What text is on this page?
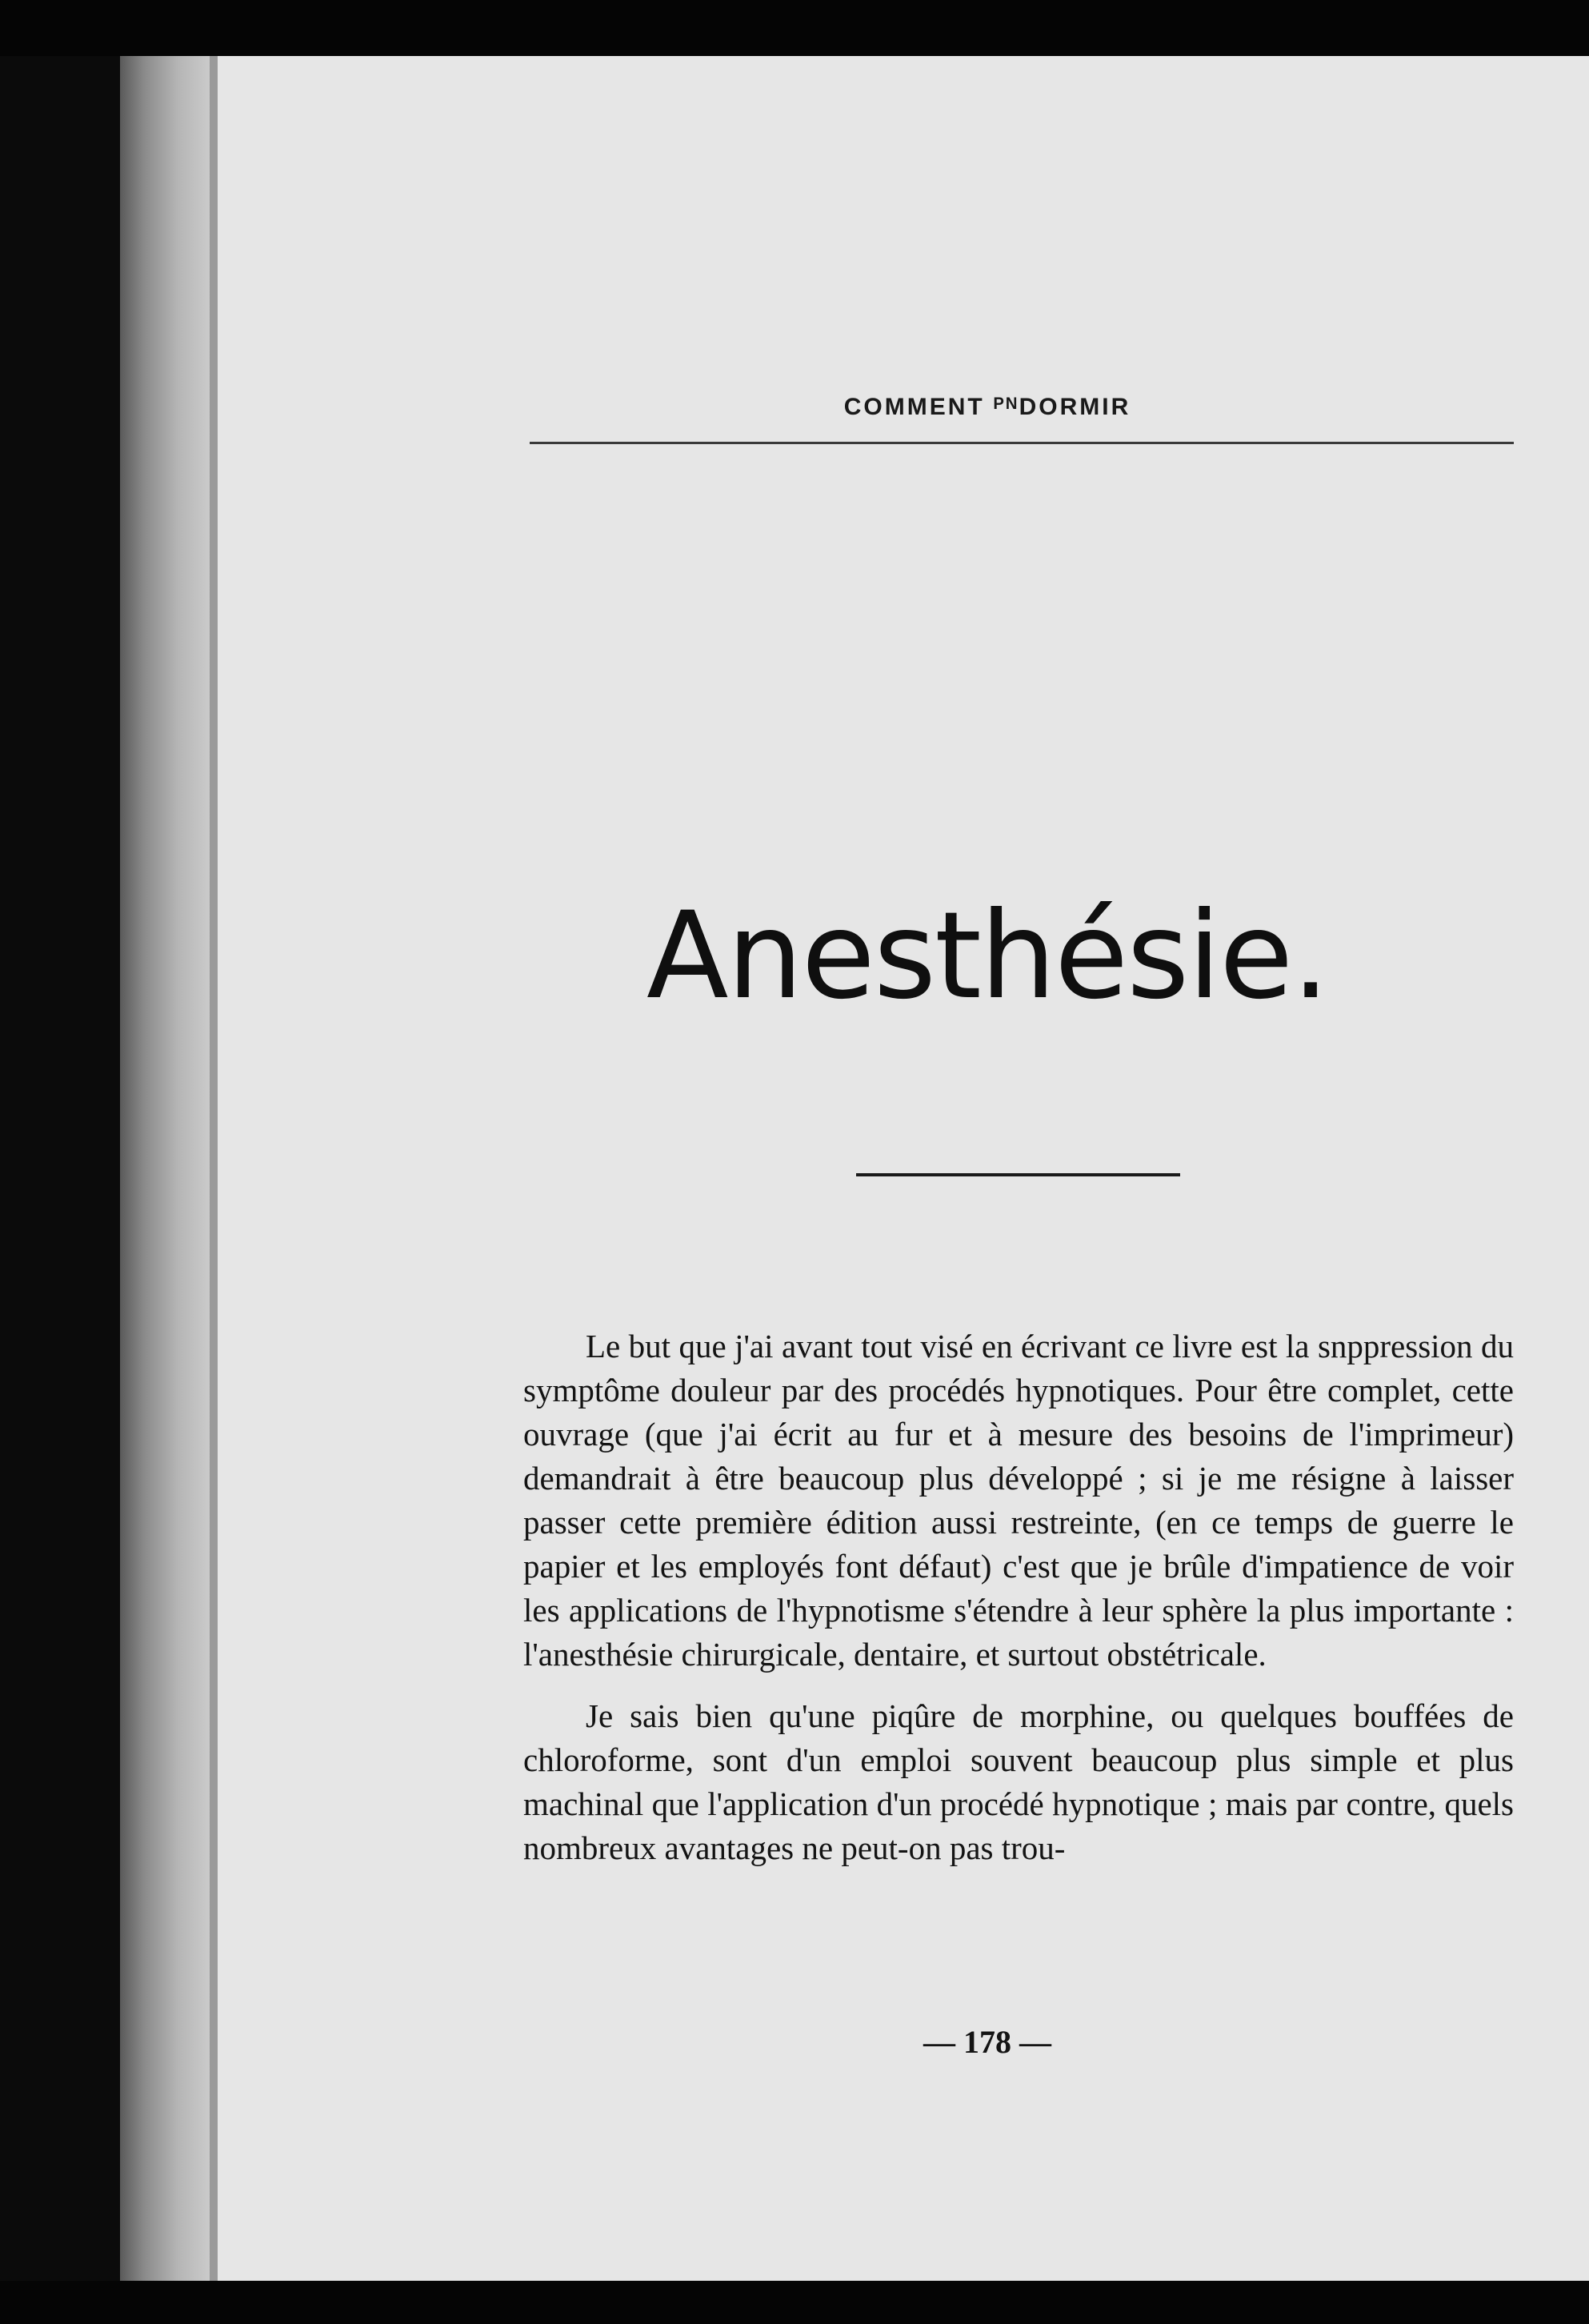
COMMENT ᴾᴺDORMIR
Anesthésie.

Le but que j'ai avant tout visé en écrivant ce livre est la snppression du symptôme douleur par des procédés hypnotiques. Pour être complet, cette ouvrage (que j'ai écrit au fur et à mesure des besoins de l'imprimeur) demandrait à être beaucoup plus développé ; si je me résigne à laisser passer cette première édition aussi restreinte, (en ce temps de guerre le papier et les employés font défaut) c'est que je brûle d'impatience de voir les applications de l'hypnotisme s'étendre à leur sphère la plus importante : l'anesthésie chirurgicale, dentaire, et surtout obstétricale.

Je sais bien qu'une piqûre de morphine, ou quelques bouffées de chloroforme, sont d'un emploi souvent beaucoup plus simple et plus machinal que l'application d'un procédé hypnotique ; mais par contre, quels nombreux avantages ne peut-on pas trou-

— 178 —
